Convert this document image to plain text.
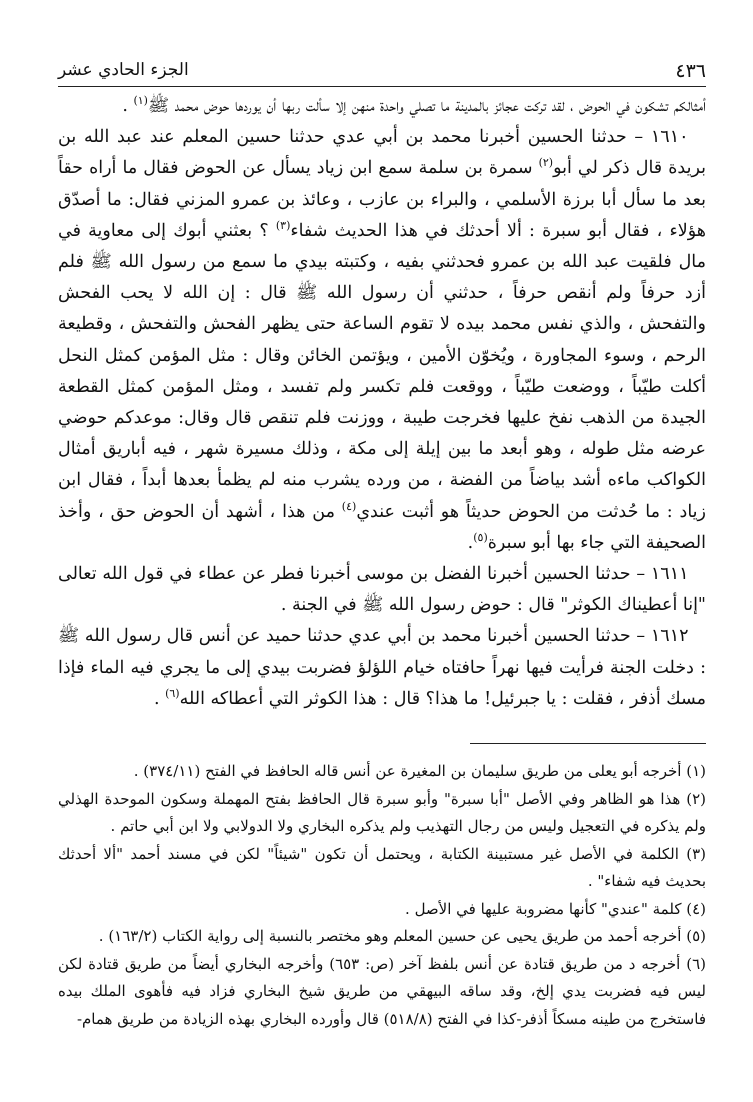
٤٣٦
الجزء الحادي عشر

أمثالكم تشكون في الحوض ، لقد تركت عجائز بالمدينة ما تصلي واحدة منهن إلا سألت ربها أن يوردها حوض محمد ﷺ$^{(١)}$ .

 ١٦١٠ – حدثنا الحسين أخبرنا محمد بن أبي عدي حدثنا حسين المعلم عند عبد الله بن بريدة قال ذكر لي أبو$^{(٢)}$ سمرة بن سلمة سمع ابن زياد يسأل عن الحوض فقال ما أراه حقاً بعد ما سأل أبا برزة الأسلمي ، والبراء بن عازب ، وعائذ بن عمرو المزني فقال: ما أصدّق هؤلاء ، فقال أبو سبرة : ألا أحدثك في هذا الحديث شفاء$^{(٣)}$ ؟ بعثني أبوك إلى معاوية في مال فلقيت عبد الله بن عمرو فحدثني بفيه ، وكتبته بيدي ما سمع من رسول الله ﷺ فلم أزد حرفاً ولم أنقص حرفاً ، حدثني أن رسول الله ﷺ قال : إن الله لا يحب الفحش والتفحش ، والذي نفس محمد بيده لا تقوم الساعة حتى يظهر الفحش والتفحش ، وقطيعة الرحم ، وسوء المجاورة ، ويُخوّن الأمين ، ويؤتمن الخائن وقال : مثل المؤمن كمثل النحل أكلت طيّباً ، ووضعت طيّباً ، ووقعت فلم تكسر ولم تفسد ، ومثل المؤمن كمثل القطعة الجيدة من الذهب نفخ عليها فخرجت طيبة ، ووزنت فلم تنقص قال وقال: موعدكم حوضي عرضه مثل طوله ، وهو أبعد ما بين إيلة إلى مكة ، وذلك مسيرة شهر ، فيه أباريق أمثال الكواكب ماءه أشد بياضاً من الفضة ، من ورده يشرب منه لم يظمأ بعدها أبداً ، فقال ابن زياد : ما حُدثت من الحوض حديثاً هو أثبت عندي$^{(٤)}$ من هذا ، أشهد أن الحوض حق ، وأخذ الصحيفة التي جاء بها أبو سبرة$^{(٥)}$.

 ١٦١١ – حدثنا الحسين أخبرنا الفضل بن موسى أخبرنا فطر عن عطاء في قول الله تعالى "إنا أعطيناك الكوثر" قال : حوض رسول الله ﷺ في الجنة .

 ١٦١٢ – حدثنا الحسين أخبرنا محمد بن أبي عدي حدثنا حميد عن أنس قال رسول الله ﷺ : دخلت الجنة فرأيت فيها نهراً حافتاه خيام اللؤلؤ فضربت بيدي إلى ما يجري فيه الماء فإذا مسك أذفر ، فقلت : يا جبرئيل! ما هذا؟ قال : هذا الكوثر التي أعطاكه الله$^{(٦)}$ .

(١) أخرجه أبو يعلى من طريق سليمان بن المغيرة عن أنس قاله الحافظ في الفتح (٣٧٤/١١) .

(٢) هذا هو الظاهر وفي الأصل "أبا سبرة" وأبو سبرة قال الحافظ بفتح المهملة وسكون الموحدة الهذلي ولم يذكره في التعجيل وليس من رجال التهذيب ولم يذكره البخاري ولا الدولابي ولا ابن أبي حاتم .

(٣) الكلمة في الأصل غير مستبينة الكتابة ، ويحتمل أن تكون "شيئاً" لكن في مسند أحمد "ألا أحدثك بحديث فيه شفاء" .

(٤) كلمة "عندي" كأنها مضروبة عليها في الأصل .

(٥) أخرجه أحمد من طريق يحيى عن حسين المعلم وهو مختصر بالنسبة إلى رواية الكتاب (١٦٣/٢) .

(٦) أخرجه د من طريق قتادة عن أنس بلفظ آخر (ص: ٦٥٣) وأخرجه البخاري أيضاً من طريق قتادة لكن ليس فيه فضربت يدي إلخ، وقد ساقه البيهقي من طريق شيخ البخاري فزاد فيه فأهوى الملك بيده فاستخرج من طينه مسكاً أذفر-كذا في الفتح (٥١٨/٨) قال وأورده البخاري بهذه الزيادة من طريق همام-
